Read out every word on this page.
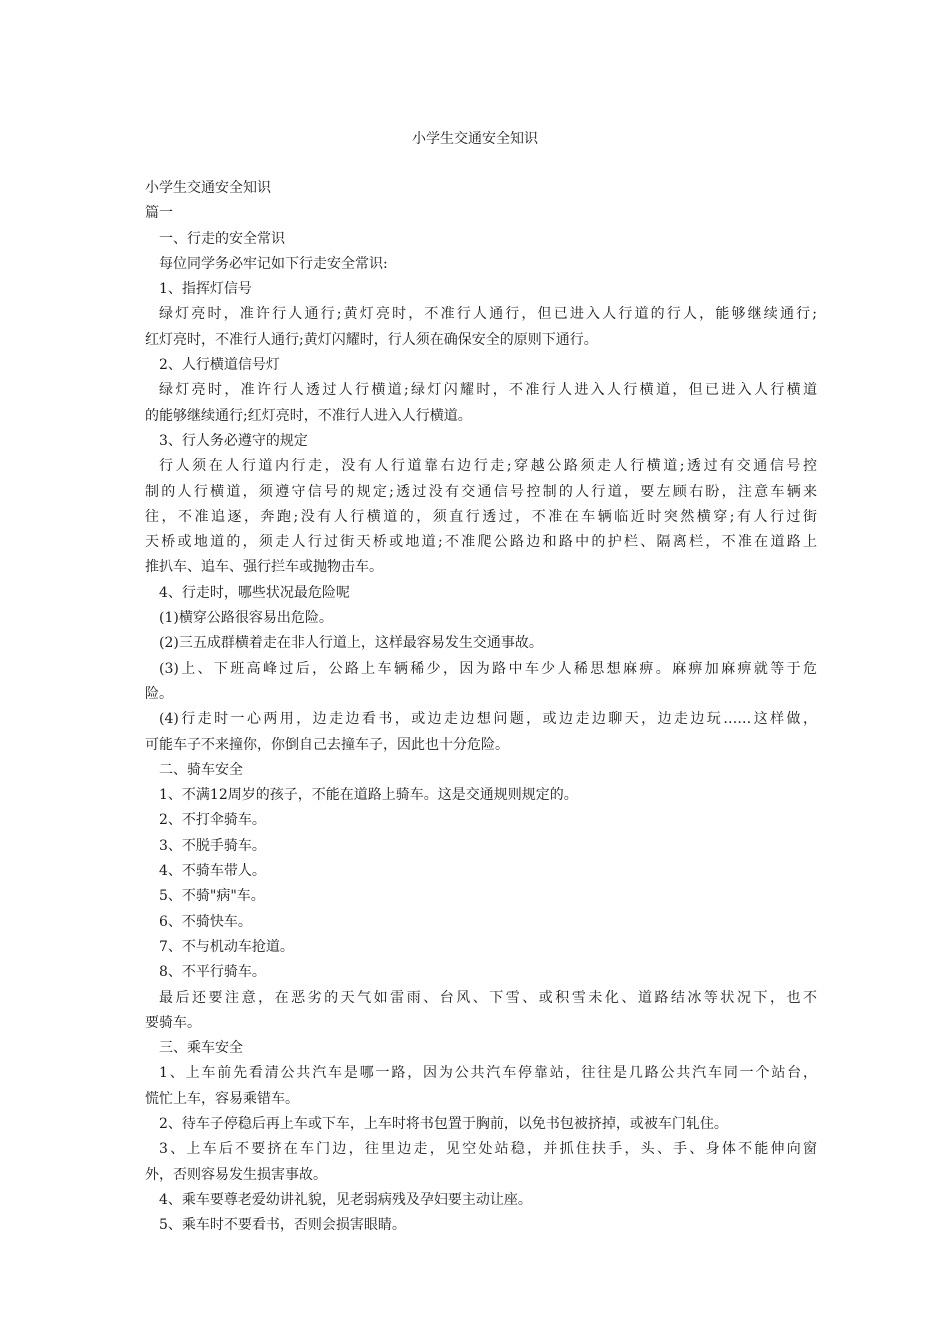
小学生交通安全知识
小学生交通安全知识
篇一
一、行走的安全常识
每位同学务必牢记如下行走安全常识:
1、指挥灯信号
绿灯亮时，准许行人通行;黄灯亮时，不准行人通行，但已进入人行道的行人，能够继续通行;
红灯亮时，不准行人通行;黄灯闪耀时，行人须在确保安全的原则下通行。
2、人行横道信号灯
绿灯亮时，准许行人透过人行横道;绿灯闪耀时，不准行人进入人行横道，但已进入人行横道
的能够继续通行;红灯亮时，不准行人进入人行横道。
3、行人务必遵守的规定
行人须在人行道内行走，没有人行道靠右边行走;穿越公路须走人行横道;透过有交通信号控
制的人行横道，须遵守信号的规定;透过没有交通信号控制的人行道，要左顾右盼，注意车辆来
往，不准追逐，奔跑;没有人行横道的，须直行透过，不准在车辆临近时突然横穿;有人行过街
天桥或地道的，须走人行过街天桥或地道;不准爬公路边和路中的护栏、隔离栏，不准在道路上
推扒车、追车、强行拦车或抛物击车。
4、行走时，哪些状况最危险呢
(1)横穿公路很容易出危险。
(2)三五成群横着走在非人行道上，这样最容易发生交通事故。
(3)上、下班高峰过后，公路上车辆稀少，因为路中车少人稀思想麻痹。麻痹加麻痹就等于危
险。
(4)行走时一心两用，边走边看书，或边走边想问题，或边走边聊天，边走边玩……这样做，
可能车子不来撞你，你倒自己去撞车子，因此也十分危险。
二、骑车安全
1、不满12周岁的孩子，不能在道路上骑车。这是交通规则规定的。
2、不打伞骑车。
3、不脱手骑车。
4、不骑车带人。
5、不骑"病"车。
6、不骑快车。
7、不与机动车抢道。
8、不平行骑车。
最后还要注意，在恶劣的天气如雷雨、台风、下雪、或积雪未化、道路结冰等状况下，也不
要骑车。
三、乘车安全
1、上车前先看清公共汽车是哪一路，因为公共汽车停靠站，往往是几路公共汽车同一个站台，
慌忙上车，容易乘错车。
2、待车子停稳后再上车或下车，上车时将书包置于胸前，以免书包被挤掉，或被车门轧住。
3、上车后不要挤在车门边，往里边走，见空处站稳，并抓住扶手，头、手、身体不能伸向窗
外，否则容易发生损害事故。
4、乘车要尊老爱幼讲礼貌，见老弱病残及孕妇要主动让座。
5、乘车时不要看书，否则会损害眼睛。
